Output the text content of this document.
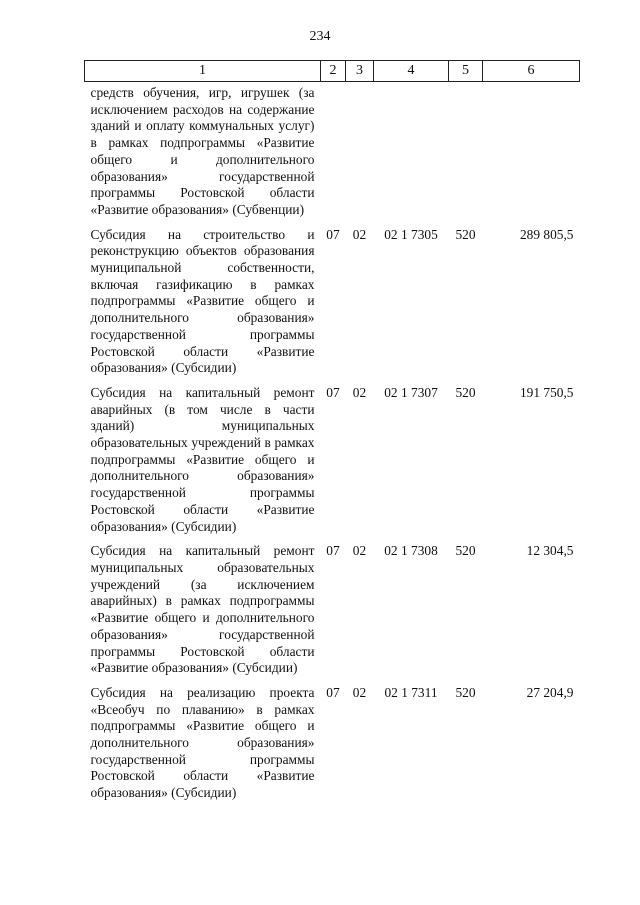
234
1	2	3	4	5	6
средств обучения, игр, игрушек (за исключением расходов на содержание зданий и оплату коммунальных услуг) в рамках подпрограммы «Развитие общего и дополнительного образования» государственной программы Ростовской области «Развитие образования» (Субвенции)					
Субсидия на строительство и реконструкцию объектов образования муниципальной собственности, включая газификацию в рамках подпрограммы «Развитие общего и дополнительного образования» государственной программы Ростовской области «Развитие образования» (Субсидии)	07	02	02 1 7305	520	289 805,5
Субсидия на капитальный ремонт аварийных (в том числе в части зданий) муниципальных образовательных учреждений в рамках подпрограммы «Развитие общего и дополнительного образования» государственной программы Ростовской области «Развитие образования» (Субсидии)	07	02	02 1 7307	520	191 750,5
Субсидия на капитальный ремонт муниципальных образовательных учреждений (за исключением аварийных) в рамках подпрограммы «Развитие общего и дополнительного образования» государственной программы Ростовской области «Развитие образования» (Субсидии)	07	02	02 1 7308	520	12 304,5
Субсидия на реализацию проекта «Всеобуч по плаванию» в рамках подпрограммы «Развитие общего и дополнительного образования» государственной программы Ростовской области «Развитие образования» (Субсидии)	07	02	02 1 7311	520	27 204,9
